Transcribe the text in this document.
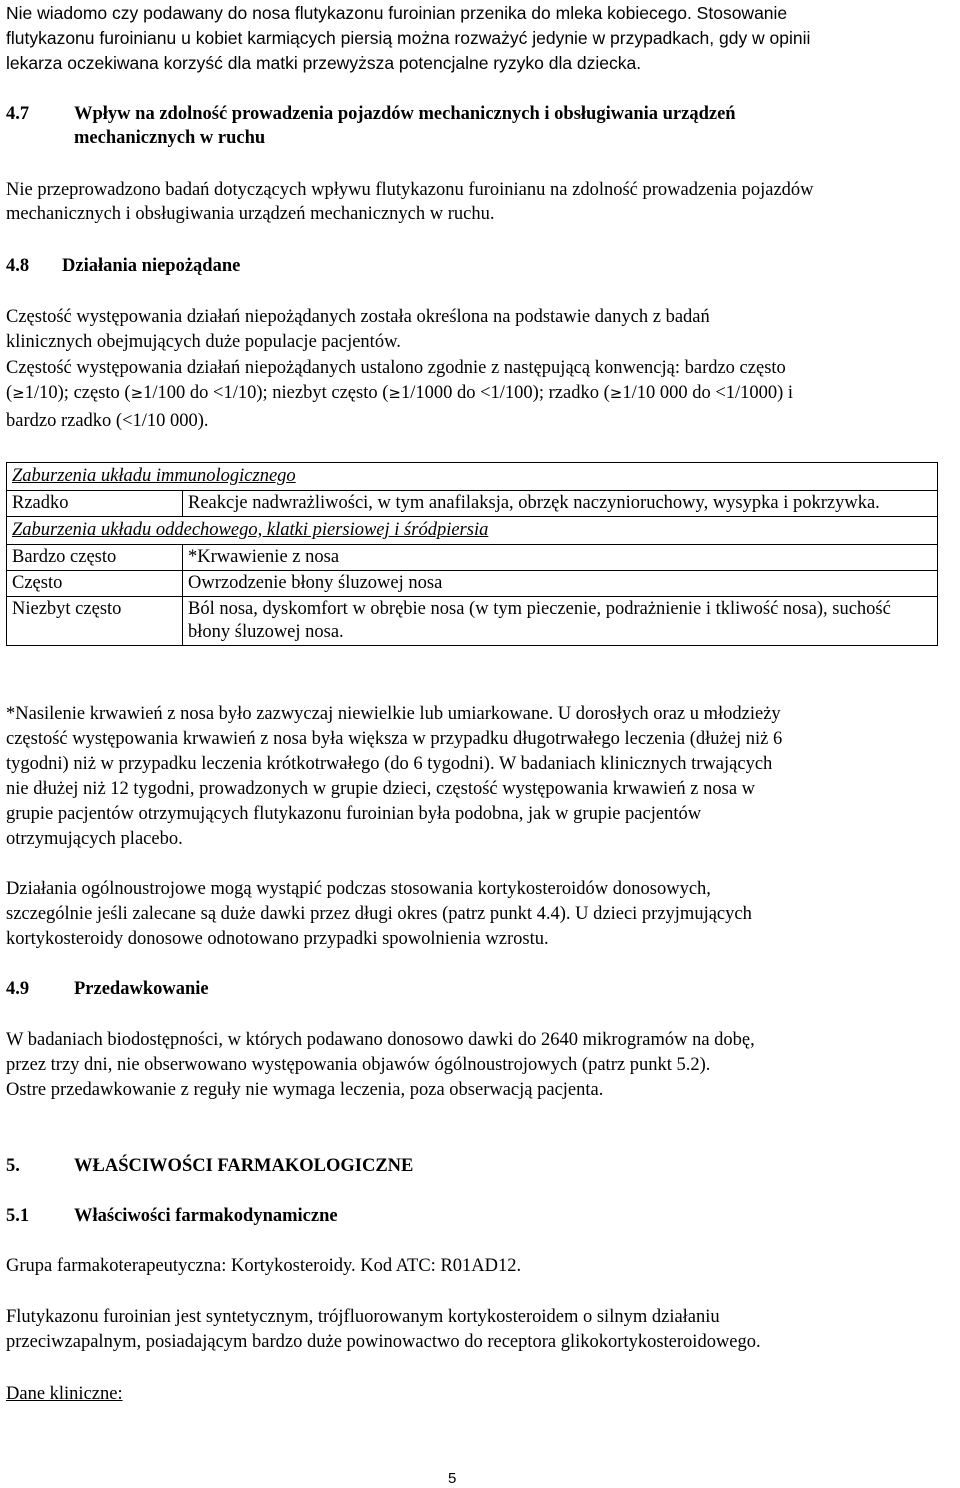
Nie wiadomo czy podawany do nosa flutykazonu furoinian przenika do mleka kobiecego. Stosowanie

flutykazonu furoinianu u kobiet karmiących piersią można rozważyć jedynie w przypadkach, gdy w opinii

lekarza oczekiwana korzyść dla matki przewyższa potencjalne ryzyko dla dziecka.

4.7 Wpływ na zdolność prowadzenia pojazdów mechanicznych i obsługiwania urządzeń
mechanicznych w ruchu

Nie przeprowadzono badań dotyczących wpływu flutykazonu furoinianu na zdolność prowadzenia pojazdów

mechanicznych i obsługiwania urządzeń mechanicznych w ruchu.

4.8 Działania niepożądane

Częstość występowania działań niepożądanych została określona na podstawie danych z badań

klinicznych obejmujących duże populacje pacjentów.

Częstość występowania działań niepożądanych ustalono zgodnie z następującą konwencją: bardzo często

(≥1/10); często (≥1/100 do <1/10); niezbyt często (≥1/1000 do <1/100); rzadko (≥1/10 000 do <1/1000) i

bardzo rzadko (<1/10 000).

Zaburzenia układu immunologicznego	
Rzadko	Reakcje nadwrażliwości, w tym anafilaksja, obrzęk naczynioruchowy, wysypka i pokrzywka.
Zaburzenia układu oddechowego, klatki piersiowej i śródpiersia	
Bardzo często	*Krwawienie z nosa
Często	Owrzodzenie błony śluzowej nosa
Niezbyt często	Ból nosa, dyskomfort w obrębie nosa (w tym pieczenie, podrażnienie i tkliwość nosa), suchość błony śluzowej nosa.

*Nasilenie krwawień z nosa było zazwyczaj niewielkie lub umiarkowane. U dorosłych oraz u młodzieży

częstość występowania krwawień z nosa była większa w przypadku długotrwałego leczenia (dłużej niż 6

tygodni) niż w przypadku leczenia krótkotrwałego (do 6 tygodni). W badaniach klinicznych trwających

nie dłużej niż 12 tygodni, prowadzonych w grupie dzieci, częstość występowania krwawień z nosa w

grupie pacjentów otrzymujących flutykazonu furoinian była podobna, jak w grupie pacjentów

otrzymujących placebo.

Działania ogólnoustrojowe mogą wystąpić podczas stosowania kortykosteroidów donosowych,

szczególnie jeśli zalecane są duże dawki przez długi okres (patrz punkt 4.4). U dzieci przyjmujących

kortykosteroidy donosowe odnotowano przypadki spowolnienia wzrostu.

4.9 Przedawkowanie

W badaniach biodostępności, w których podawano donosowo dawki do 2640 mikrogramów na dobę,

przez trzy dni, nie obserwowano występowania objawów ógólnoustrojowych (patrz punkt 5.2).

Ostre przedawkowanie z reguły nie wymaga leczenia, poza obserwacją pacjenta.

5.	WŁAŚCIWOŚCI FARMAKOLOGICZNE
5.1 Właściwości farmakodynamiczne

Grupa farmakoterapeutyczna: Kortykosteroidy. Kod ATC: R01AD12.

Flutykazonu furoinian jest syntetycznym, trójfluorowanym kortykosteroidem o silnym działaniu

przeciwzapalnym, posiadającym bardzo duże powinowactwo do receptora glikokortykosteroidowego.

Dane kliniczne:

5
